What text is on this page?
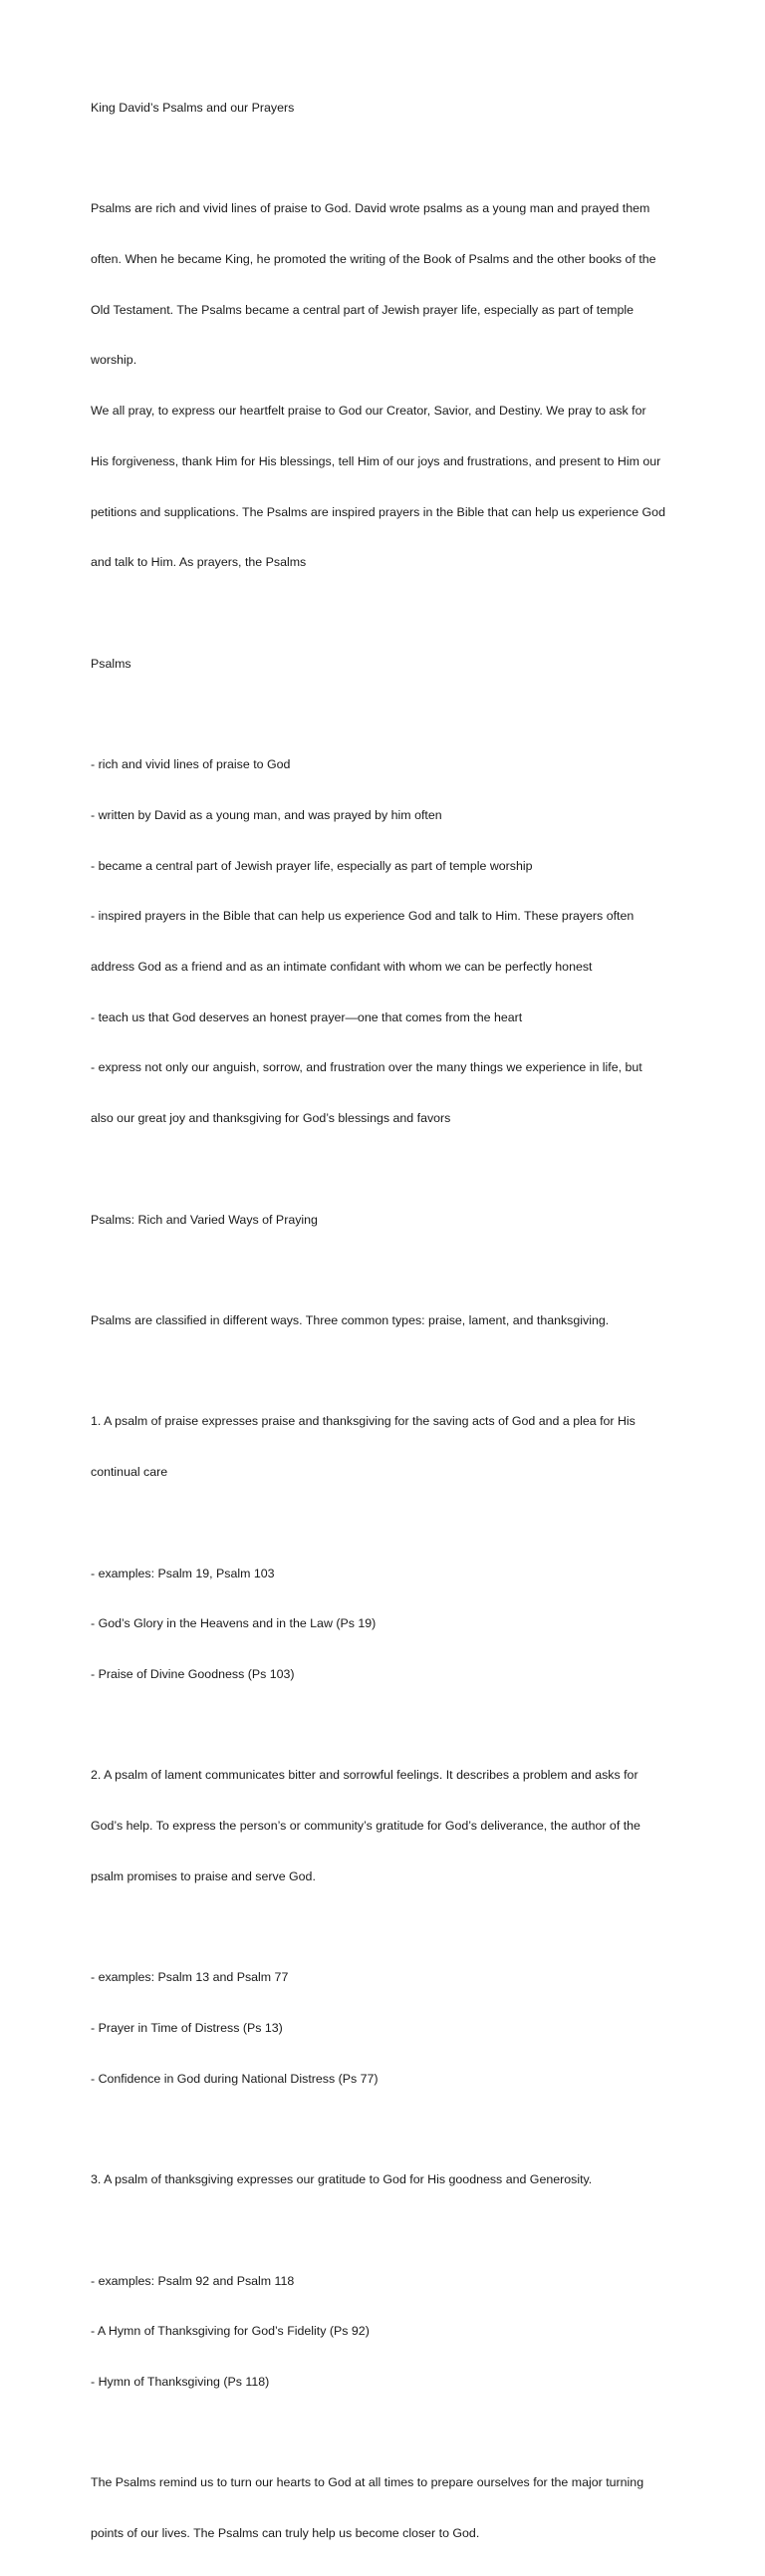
King David’s Psalms and our Prayers

Psalms are rich and vivid lines of praise to God. David wrote psalms as a young man and prayed them

often. When he became King, he promoted the writing of the Book of Psalms and the other books of the

Old Testament. The Psalms became a central part of Jewish prayer life, especially as part of temple

worship.

We all pray, to express our heartfelt praise to God our Creator, Savior, and Destiny. We pray to ask for

His forgiveness, thank Him for His blessings, tell Him of our joys and frustrations, and present to Him our

petitions and supplications. The Psalms are inspired prayers in the Bible that can help us experience God

and talk to Him. As prayers, the Psalms

Psalms

- rich and vivid lines of praise to God

- written by David as a young man, and was prayed by him often

- became a central part of Jewish prayer life, especially as part of temple worship

- inspired prayers in the Bible that can help us experience God and talk to Him. These prayers often

address God as a friend and as an intimate confidant with whom we can be perfectly honest

- teach us that God deserves an honest prayer—one that comes from the heart

- express not only our anguish, sorrow, and frustration over the many things we experience in life, but

also our great joy and thanksgiving for God’s blessings and favors

Psalms: Rich and Varied Ways of Praying

Psalms are classified in different ways. Three common types: praise, lament, and thanksgiving.

1. A psalm of praise expresses praise and thanksgiving for the saving acts of God and a plea for His

continual care

- examples: Psalm 19, Psalm 103

- God’s Glory in the Heavens and in the Law (Ps 19)

- Praise of Divine Goodness (Ps 103)

2. A psalm of lament communicates bitter and sorrowful feelings. It describes a problem and asks for

God’s help. To express the person’s or community’s gratitude for God’s deliverance, the author of the

psalm promises to praise and serve God.

- examples: Psalm 13 and Psalm 77

- Prayer in Time of Distress (Ps 13)

- Confidence in God during National Distress (Ps 77)

3. A psalm of thanksgiving expresses our gratitude to God for His goodness and Generosity.

- examples: Psalm 92 and Psalm 118

- A Hymn of Thanksgiving for God’s Fidelity (Ps 92)

- Hymn of Thanksgiving (Ps 118)

The Psalms remind us to turn our hearts to God at all times to prepare ourselves for the major turning

points of our lives. The Psalms can truly help us become closer to God.
